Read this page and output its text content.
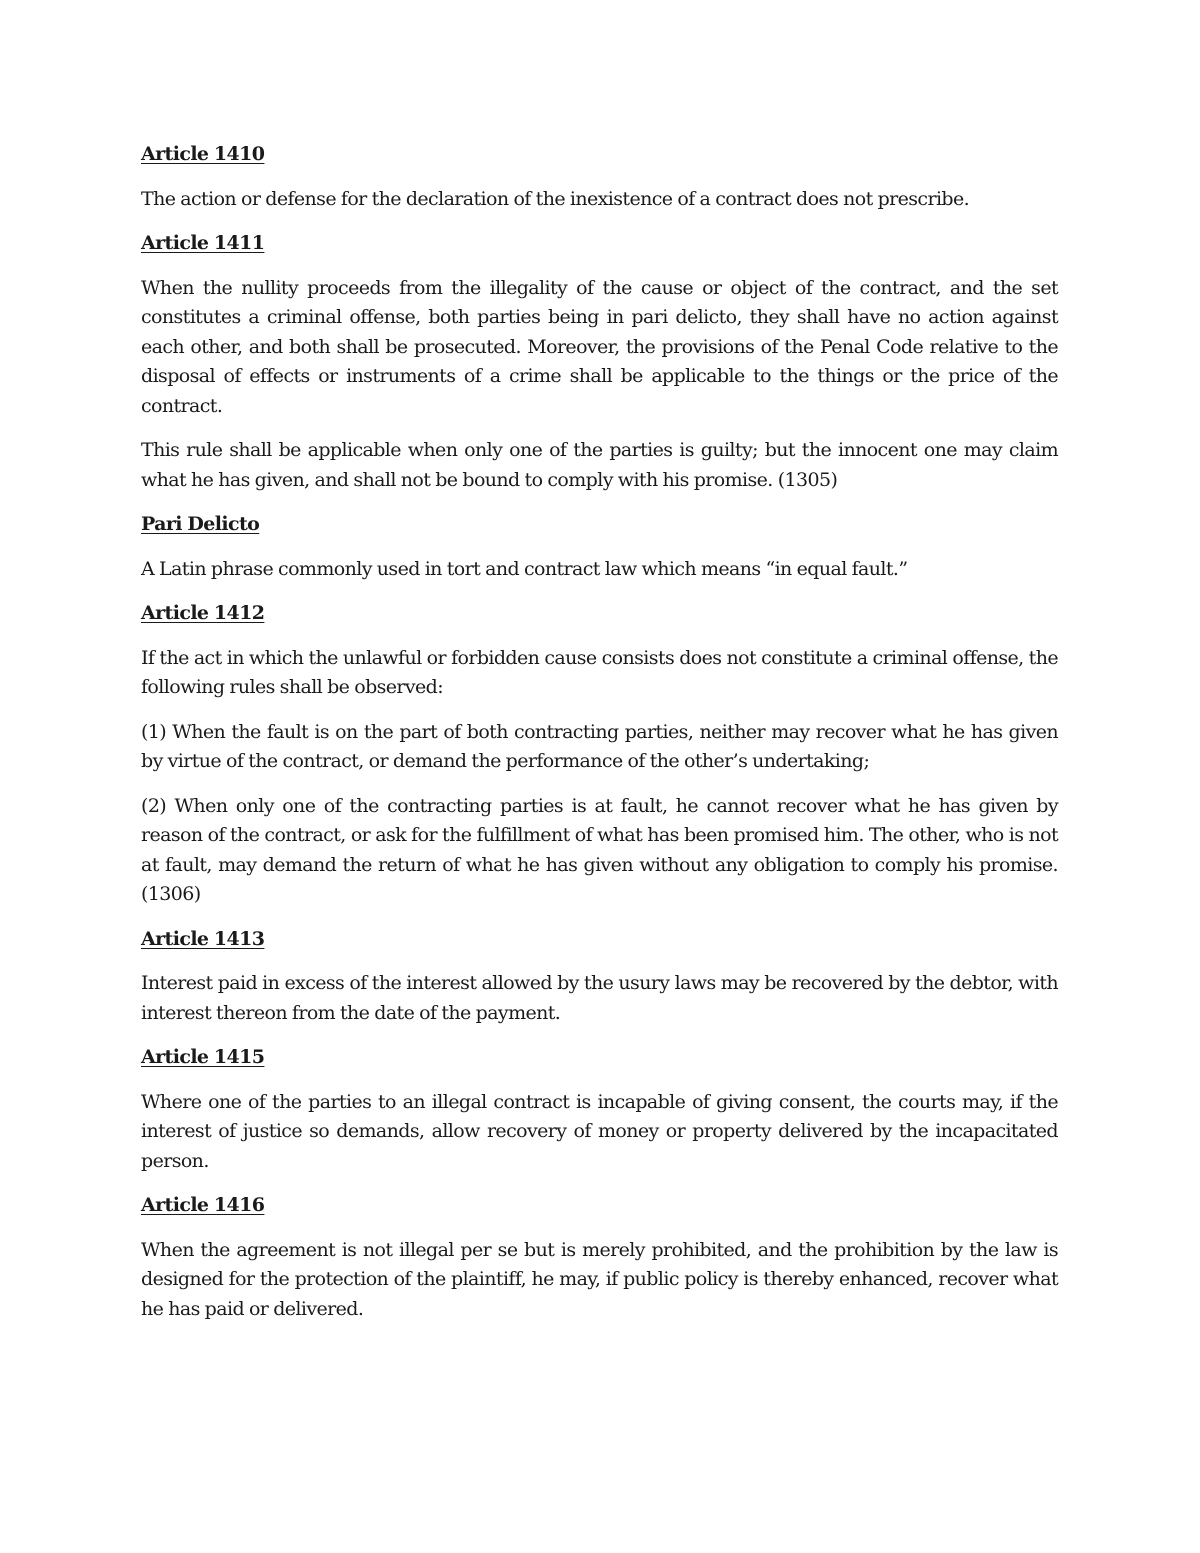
Article 1410

The action or defense for the declaration of the inexistence of a contract does not prescribe.

Article 1411

When the nullity proceeds from the illegality of the cause or object of the contract, and the set constitutes a criminal offense, both parties being in pari delicto, they shall have no action against each other, and both shall be prosecuted. Moreover, the provisions of the Penal Code relative to the disposal of effects or instruments of a crime shall be applicable to the things or the price of the contract.

This rule shall be applicable when only one of the parties is guilty; but the innocent one may claim what he has given, and shall not be bound to comply with his promise. (1305)

Pari Delicto

A Latin phrase commonly used in tort and contract law which means “in equal fault.”

Article 1412

If the act in which the unlawful or forbidden cause consists does not constitute a criminal offense, the following rules shall be observed:

(1) When the fault is on the part of both contracting parties, neither may recover what he has given by virtue of the contract, or demand the performance of the other’s undertaking;

(2) When only one of the contracting parties is at fault, he cannot recover what he has given by reason of the contract, or ask for the fulfillment of what has been promised him. The other, who is not at fault, may demand the return of what he has given without any obligation to comply his promise. (1306)

Article 1413

Interest paid in excess of the interest allowed by the usury laws may be recovered by the debtor, with interest thereon from the date of the payment.

Article 1415

Where one of the parties to an illegal contract is incapable of giving consent, the courts may, if the interest of justice so demands, allow recovery of money or property delivered by the incapacitated person.

Article 1416

When the agreement is not illegal per se but is merely prohibited, and the prohibition by the law is designed for the protection of the plaintiff, he may, if public policy is thereby enhanced, recover what he has paid or delivered.
